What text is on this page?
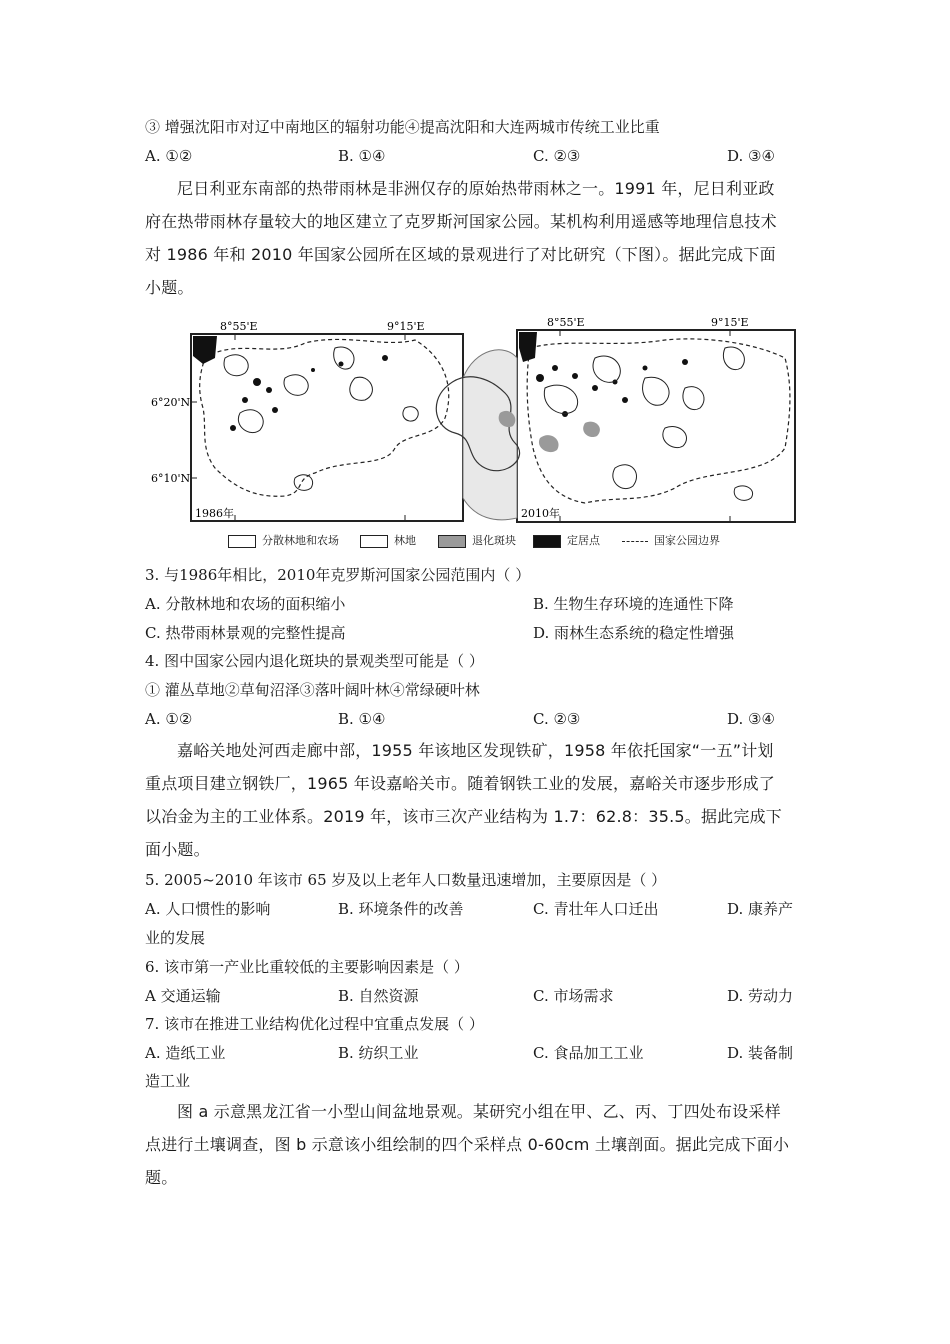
③ 增强沈阳市对辽中南地区的辐射功能④提高沈阳和大连两城市传统工业比重
A. ①②	B. ①④	C. ②③	D. ③④
尼日利亚东南部的热带雨林是非洲仅存的原始热带雨林之一。1991 年，尼日利亚政
府在热带雨林存量较大的地区建立了克罗斯河国家公园。某机构利用遥感等地理信息技术
对 1986 年和 2010 年国家公园所在区域的景观进行了对比研究（下图）。据此完成下面
小题。
8°55'E	9°15'E	8°55'E	9°15'E
6°20'N
6°10'N
1986年	2010年
分散林地和农场	林地	退化斑块	定居点	国家公园边界
3. 与1986年相比，2010年克罗斯河国家公园范围内（ ）
A. 分散林地和农场的面积缩小	B. 生物生存环境的连通性下降
C. 热带雨林景观的完整性提高	D. 雨林生态系统的稳定性增强
4. 图中国家公园内退化斑块的景观类型可能是（ ）
① 灌丛草地②草甸沼泽③落叶阔叶林④常绿硬叶林
A. ①②	B. ①④	C. ②③	D. ③④
嘉峪关地处河西走廊中部，1955 年该地区发现铁矿，1958 年依托国家“一五”计划
重点项目建立钢铁厂，1965 年设嘉峪关市。随着钢铁工业的发展，嘉峪关市逐步形成了
以冶金为主的工业体系。2019 年，该市三次产业结构为 1.7：62.8：35.5。据此完成下
面小题。
5. 2005~2010 年该市 65 岁及以上老年人口数量迅速增加，主要原因是（ ）
A. 人口惯性的影响	B. 环境条件的改善	C. 青壮年人口迁出	D. 康养产
业的发展
6. 该市第一产业比重较低的主要影响因素是（ ）
A 交通运输	B. 自然资源	C. 市场需求	D. 劳动力
7. 该市在推进工业结构优化过程中宜重点发展（ ）
A. 造纸工业	B. 纺织工业	C. 食品加工工业	D. 装备制
造工业
图 a 示意黑龙江省一小型山间盆地景观。某研究小组在甲、乙、丙、丁四处布设采样
点进行土壤调查，图 b 示意该小组绘制的四个采样点 0-60cm 土壤剖面。据此完成下面小
题。
